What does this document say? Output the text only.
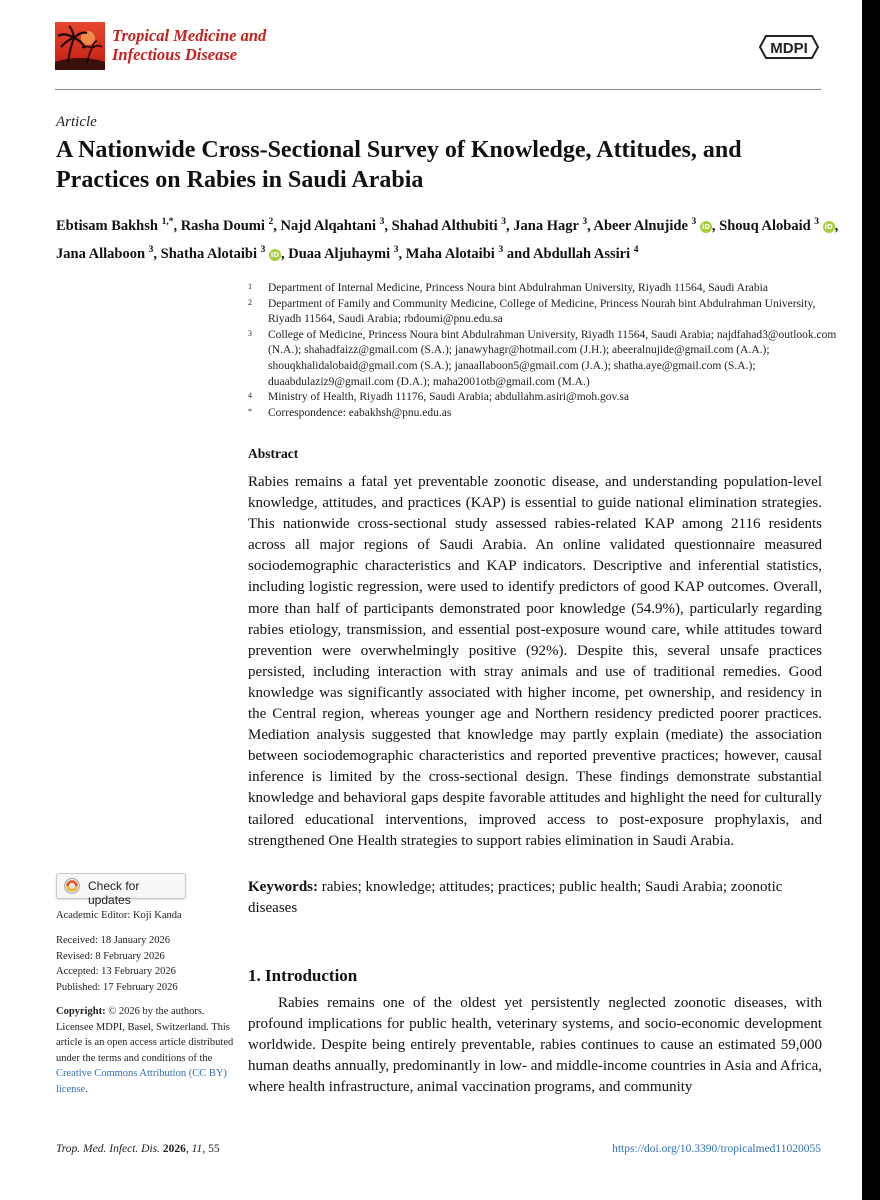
Tropical Medicine and Infectious Disease	MDPI
Article
A Nationwide Cross-Sectional Survey of Knowledge, Attitudes, and Practices on Rabies in Saudi Arabia
Ebtisam Bakhsh $^{1,*}$, Rasha Doumi $^2$, Najd Alqahtani $^3$, Shahad Althubiti $^3$, Jana Hagr $^3$, Abeer Alnujide $^3$ iD , Shouq Alobaid $^3$ iD , Jana Allaboon $^3$, Shatha Alotaibi $^3$ iD , Duaa Aljuhaymi $^3$, Maha Alotaibi $^3$ and Abdullah Assiri $^4$
1 Department of Internal Medicine, Princess Noura bint Abdulrahman University, Riyadh 11564, Saudi Arabia
2 Department of Family and Community Medicine, College of Medicine, Princess Nourah bint Abdulrahman University, Riyadh 11564, Saudi Arabia; rbdoumi@pnu.edu.sa
3 College of Medicine, Princess Noura bint Abdulrahman University, Riyadh 11564, Saudi Arabia; najdfahad3@outlook.com (N.A.); shahadfaizz@gmail.com (S.A.); janawyhagr@hotmail.com (J.H.); abeeralnujide@gmail.com (A.A.); shouqkhalidalobaid@gmail.com (S.A.); janaallaboon5@gmail.com (J.A.); shatha.aye@gmail.com (S.A.); duaabdulaziz9@gmail.com (D.A.); maha2001otb@gmail.com (M.A.)
4 Ministry of Health, Riyadh 11176, Saudi Arabia; abdullahm.asiri@moh.gov.sa
* Correspondence: eabakhsh@pnu.edu.as
Abstract

Rabies remains a fatal yet preventable zoonotic disease, and understanding population-level knowledge, attitudes, and practices (KAP) is essential to guide national elimination strategies. This nationwide cross-sectional study assessed rabies-related KAP among 2116 residents across all major regions of Saudi Arabia. An online validated questionnaire measured sociodemographic characteristics and KAP indicators. Descriptive and inferential statistics, including logistic regression, were used to identify predictors of good KAP outcomes. Overall, more than half of participants demonstrated poor knowledge (54.9%), particularly regarding rabies etiology, transmission, and essential post-exposure wound care, while attitudes toward prevention were overwhelmingly positive (92%). Despite this, several unsafe practices persisted, including interaction with stray animals and use of traditional remedies. Good knowledge was significantly associated with higher income, pet ownership, and residency in the Central region, whereas younger age and Northern residency predicted poorer practices. Mediation analysis suggested that knowledge may partly explain (mediate) the association between sociodemographic characteristics and reported preventive practices; however, causal inference is limited by the cross-sectional design. These findings demonstrate substantial knowledge and behavioral gaps despite favorable attitudes and highlight the need for culturally tailored educational interventions, improved access to post-exposure prophylaxis, and strengthened One Health strategies to support rabies elimination in Saudi Arabia.

Check for updates
Keywords: rabies; knowledge; attitudes; practices; public health; Saudi Arabia; zoonotic diseases
Academic Editor: Koji Kanda
Received: 18 January 2026
Revised: 8 February 2026
Accepted: 13 February 2026
Published: 17 February 2026
Copyright: © 2026 by the authors. Licensee MDPI, Basel, Switzerland. This article is an open access article distributed under the terms and conditions of the Creative Commons Attribution (CC BY) license.
1. Introduction

Rabies remains one of the oldest yet persistently neglected zoonotic diseases, with profound implications for public health, veterinary systems, and socio-economic development worldwide. Despite being entirely preventable, rabies continues to cause an estimated 59,000 human deaths annually, predominantly in low- and middle-income countries in Asia and Africa, where health infrastructure, animal vaccination programs, and community

Trop. Med. Infect. Dis. 2026, 11, 55	https://doi.org/10.3390/tropicalmed11020055
